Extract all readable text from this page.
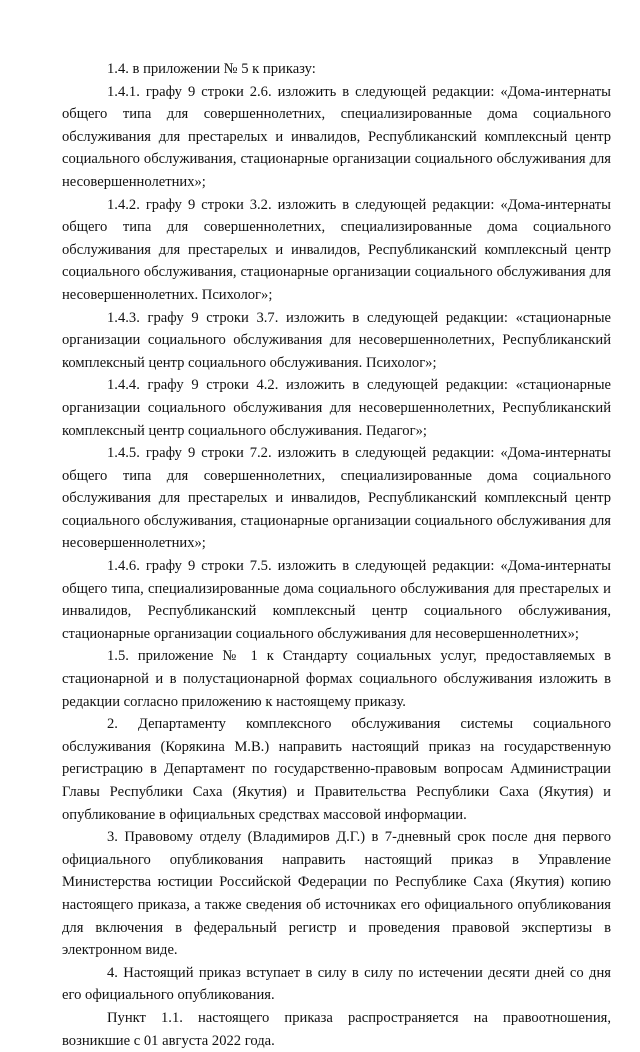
1.4. в приложении № 5 к приказу:

1.4.1. графу 9 строки 2.6. изложить в следующей редакции: «Дома-интернаты общего типа для совершеннолетних, специализированные дома социального обслуживания для престарелых и инвалидов, Республиканский комплексный центр социального обслуживания, стационарные организации социального обслуживания для несовершеннолетних»;

1.4.2. графу 9 строки 3.2. изложить в следующей редакции: «Дома-интернаты общего типа для совершеннолетних, специализированные дома социального обслуживания для престарелых и инвалидов, Республиканский комплексный центр социального обслуживания, стационарные организации социального обслуживания для несовершеннолетних. Психолог»;

1.4.3. графу 9 строки 3.7. изложить в следующей редакции: «стационарные организации социального обслуживания для несовершеннолетних, Республиканский комплексный центр социального обслуживания. Психолог»;

1.4.4. графу 9 строки 4.2. изложить в следующей редакции: «стационарные организации социального обслуживания для несовершеннолетних, Республиканский комплексный центр социального обслуживания. Педагог»;

1.4.5. графу 9 строки 7.2. изложить в следующей редакции: «Дома-интернаты общего типа для совершеннолетних, специализированные дома социального обслуживания для престарелых и инвалидов, Республиканский комплексный центр социального обслуживания, стационарные организации социального обслуживания для несовершеннолетних»;

1.4.6. графу 9 строки 7.5. изложить в следующей редакции: «Дома-интернаты общего типа, специализированные дома социального обслуживания для престарелых и инвалидов, Республиканский комплексный центр социального обслуживания, стационарные организации социального обслуживания для несовершеннолетних»;

1.5. приложение № 1 к Стандарту социальных услуг, предоставляемых в стационарной и в полустационарной формах социального обслуживания изложить в редакции согласно приложению к настоящему приказу.

2. Департаменту комплексного обслуживания системы социального обслуживания (Корякина М.В.) направить настоящий приказ на государственную регистрацию в Департамент по государственно-правовым вопросам Администрации Главы Республики Саха (Якутия) и Правительства Республики Саха (Якутия) и опубликование в официальных средствах массовой информации.

3. Правовому отделу (Владимиров Д.Г.) в 7-дневный срок после дня первого официального опубликования направить настоящий приказ в Управление Министерства юстиции Российской Федерации по Республике Саха (Якутия) копию настоящего приказа, а также сведения об источниках его официального опубликования для включения в федеральный регистр и проведения правовой экспертизы в электронном виде.

4. Настоящий приказ вступает в силу в силу по истечении десяти дней со дня его официального опубликования.

Пункт 1.1. настоящего приказа распространяется на правоотношения, возникшие с 01 августа 2022 года.
